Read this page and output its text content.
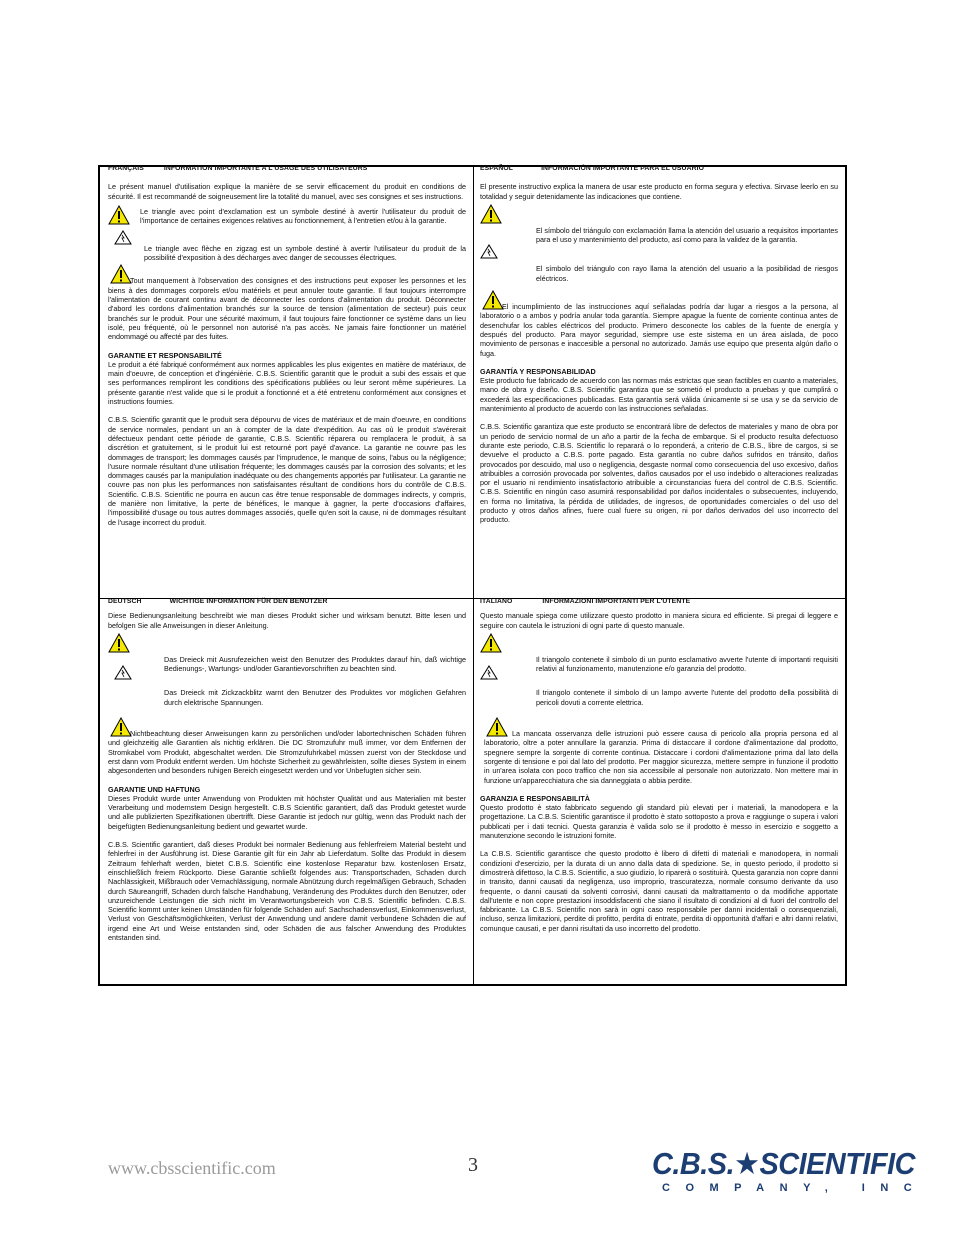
FRANÇAIS	INFORMATION IMPORTANTE A L'USAGE DES UTILISATEURS

Le présent manuel d'utilisation explique la manière de se servir efficacement du produit en conditions de sécurité. Il est recommandé de soigneusement lire la totalité du manuel, avec ses consignes et ses instructions.

Le triangle avec point d'exclamation est un symbole destiné à avertir l'utilisateur du produit de l'importance de certaines exigences relatives au fonctionnement, à l'entretien et/ou à la garantie.

Le triangle avec flèche en zigzag est un symbole destiné à avertir l'utilisateur du produit de la possibilité d'exposition à des décharges avec danger de secousses électriques.

Tout manquement à l'observation des consignes et des instructions peut exposer les personnes et les biens à des dommages corporels et/ou matériels et peut annuler toute garantie. Il faut toujours interrompre l'alimentation de courant continu avant de déconnecter les cordons d'alimentation du produit. Déconnecter d'abord les cordons d'alimentation branchés sur la source de tension (alimentation de secteur) puis ceux branchés sur le produit. Pour une sécurité maximum, il faut toujours faire fonctionner ce système dans un lieu isolé, peu fréquenté, où le personnel non autorisé n'a pas accès. Ne jamais faire fonctionner un matériel endommagé ou affecté par des fuites.

GARANTIE ET RESPONSABILITÉ

Le produit a été fabriqué conformément aux normes applicables les plus exigentes en matière de matériaux, de main d'oeuvre, de conception et d'ingénièrie. C.B.S. Scientific garantit que le produit a subi des essais et que ses performances rempliront les conditions des spécifications publiées ou leur seront même supérieures. La présente garantie n'est valide que si le produit a fonctionné et a été entretenu conformément aux consignes et instructions fournies.

C.B.S. Scientific garantit que le produit sera dépourvu de vices de matériaux et de main d'oeuvre, en conditions de service normales, pendant un an à compter de la date d'expédition. Au cas où le produit s'avérerait défectueux pendant cette période de garantie, C.B.S. Scientific réparera ou remplacera le produit, à sa discrétion et gratuitement, si le produit lui est retourné port payé d'avance. La garantie ne couvre pas les dommages de transport; les dommages causés par l'imprudence, le manque de soins, l'abus ou la négligence; l'usure normale résultant d'une utilisation fréquente; les dommages causés par la corrosion des solvants; et les dommages causés par la manipulation inadéquate ou des changements apportés par l'utilisateur. La garantie ne couvre pas non plus les performances non satisfaisantes résultant de conditions hors du contrôle de C.B.S. Scientific. C.B.S. Scientific ne pourra en aucun cas être tenue responsable de dommages indirects, y compris, de manière non limitative, la perte de bénéfices, le manque à gagner, la perte d'occasions d'affaires, l'impossibilité d'usage ou tous autres dommages associés, quelle qu'en soit la cause, ni de dommages résultant de l'usage incorrect du produit.

ESPAÑOL	INFORMACIÓN IMPORTANTE PARA EL USUARIO

El presente instructivo explica la manera de usar este producto en forma segura y efectiva. Sirvase leerlo en su totalidad y seguir detenidamente las indicaciones que contiene.

El símbolo del triángulo con exclamación llama la atención del usuario a requisitos importantes para el uso y mantenimiento del producto, así como para la validez de la garantía.

El símbolo del triángulo con rayo llama la atención del usuario a la posibilidad de riesgos eléctricos.

El incumplimiento de las instrucciones aquí señaladas podría dar lugar a riesgos a la persona, al laboratorio o a ambos y podría anular toda garantía. Siempre apague la fuente de corriente continua antes de desenchufar los cables eléctricos del producto. Primero desconecte los cables de la fuente de energía y después del producto. Para mayor seguridad, siempre use este sistema en un área aislada, de poco movimiento de personas e inaccesible a personal no autorizado. Jamás use equipo que presenta algún daño o fuga.

GARANTÍA Y RESPONSABILIDAD

Este producto fue fabricado de acuerdo con las normas más estrictas que sean factibles en cuanto a materiales, mano de obra y diseño. C.B.S. Scientific garantiza que se sometió el producto a pruebas y que cumplirá o excederá las especificaciones publicadas. Esta garantía será válida únicamente si se usa y se da servicio de mantenimiento al producto de acuerdo con las instrucciones señaladas.

C.B.S. Scientific garantiza que este producto se encontrará libre de defectos de materiales y mano de obra por un periodo de servicio normal de un año a partir de la fecha de embarque. Si el producto resulta defectuoso durante este periodo, C.B.S. Scientific lo reparará o lo reponderá, a criterio de C.B.S., libre de cargos, si se devuelve el producto a C.B.S. porte pagado. Esta garantía no cubre daños sufridos en tránsito, daños provocados por descuido, mal uso o negligencia, desgaste normal como consecuencia del uso excesivo, daños atribuibles a corrosión provocada por solventes, daños causados por el uso indebido o alteraciones realizadas por el usuario ni rendimiento insatisfactorio atribuible a circunstancias fuera del control de C.B.S. Scientific. C.B.S. Scientific en ningún caso asumirá responsabilidad por daños incidentales o subsecuentes, incluyendo, en forma no limitativa, la pérdida de utilidades, de ingresos, de oportunidades comerciales o del uso del producto y otros daños afines, fuere cual fuere su origen, ni por daños derivados del uso incorrecto del producto.

DEUTSCH	WICHTIGE INFORMATION FÜR DEN BENUTZER

Diese Bedienungsanleitung beschreibt wie man dieses Produkt sicher und wirksam benutzt. Bitte lesen und befolgen Sie alle Anweisungen in dieser Anleitung.

Das Dreieck mit Ausrufezeichen weist den Benutzer des Produktes darauf hin, daß wichtige Bedienungs-, Wartungs- und/oder Garantievorschriften zu beachten sind.

Das Dreieck mit Zickzackblitz warnt den Benutzer des Produktes vor möglichen Gefahren durch elektrische Spannungen.

Nichtbeachtung dieser Anweisungen kann zu persönlichen und/oder labortechnischen Schäden führen und gleichzeitig alle Garantien als nichtig erklären. Die DC Stromzufuhr muß immer, vor dem Entfernen der Stromkabel vom Produkt, abgeschaltet werden. Die Stromzufuhrkabel müssen zuerst von der Steckdose und erst dann vom Produkt entfernt werden. Um höchste Sicherheit zu gewährleisten, sollte dieses System in einem abgesonderten und besonders ruhigen Bereich eingesetzt werden und vor Unbefugten sicher sein.

GARANTIE UND HAFTUNG

Dieses Produkt wurde unter Anwendung von Produkten mit höchster Qualität und aus Materialien mit bester Verarbeitung und modernstem Design hergestellt. C.B.S Scientific garantiert, daß das Produkt getestet wurde und alle publizierten Spezifikationen übertrifft. Diese Garantie ist jedoch nur gültig, wenn das Produkt nach der beigefügten Bedienungsanleitung bedient und gewartet wurde.

C.B.S. Scientific garantiert, daß dieses Produkt bei normaler Bedienung aus fehlerfreiem Material besteht und fehlerfrei in der Ausführung ist. Diese Garantie gilt für ein Jahr ab Lieferdatum. Sollte das Produkt in diesem Zeitraum fehlerhaft werden, bietet C.B.S. Scientific eine kostenlose Reparatur bzw. kostenlosen Ersatz, einschließlich freiem Rückporto. Diese Garantie schließt folgendes aus: Transportschaden, Schaden durch Nachlässigkeit, Mißbrauch oder Vernachlässigung, normale Abnützung durch regelmäßigen Gebrauch, Schaden durch Säureangriff, Schaden durch falsche Handhabung, Veränderung des Produktes durch den Benutzer, oder unzureichende Leistungen die sich nicht im Verantwortungsbereich von C.B.S. Scientific befinden. C.B.S. Scientific kommt unter keinen Umständen für folgende Schäden auf: Sachschadensverlust, Einkommensverlust, Verlust von Geschäftsmöglichkeiten, Verlust der Anwendung und andere damit verbundene Schäden die auf irgend eine Art und Weise entstanden sind, oder Schäden die aus falscher Anwendung des Produktes entstanden sind.

ITALIANO	INFORMAZIONI IMPORTANTI PER L'UTENTE

Questo manuale spiega come utilizzare questo prodotto in maniera sicura ed efficiente. Si pregai di leggere e seguire con cautela le istruzioni di ogni parte di questo manuale.

Il triangolo contenete il simbolo di un punto esclamativo avverte l'utente di importanti requisiti relativi al funzionamento, manutenzione e/o garanzia del prodotto.

Il triangolo contenete il simbolo di un lampo avverte l'utente del prodotto della possibilità di pericoli dovuti a corrente elettrica.

La mancata osservanza delle istruzioni può essere causa di pericolo alla propria persona ed al laboratorio, oltre a poter annullare la garanzia. Prima di distaccare il cordone d'alimentazione dal prodotto, spegnere sempre la sorgente di corrente continua. Distaccare i cordoni d'alimentazione prima dal lato della sorgente di tensione e poi dal lato del prodotto. Per maggior sicurezza, mettere sempre in funzione il prodotto in un'area isolata con poco traffico che non sia accessibile al personale non autorizzato. Non mettere mai in funzione un'apparecchiatura che sia danneggiata o abbia perdite.

GARANZIA E RESPONSABILITÀ

Questo prodotto è stato fabbricato seguendo gli standard più elevati per i materiali, la manodopera e la progettazione. La C.B.S. Scientific garantisce il prodotto è stato sottoposto a prova e raggiunge o supera i valori pubblicati per i dati tecnici. Questa garanzia è valida solo se il prodotto è messo in esercizio e soggetto a manutenzione secondo le istruzioni fornite.

La C.B.S. Scientific garantisce che questo prodotto è libero di difetti di materiali e manodopera, in normali condizioni d'esercizio, per la durata di un anno dalla data di spedizione. Se, in questo periodo, il prodotto si dimostrerà difettoso, la C.B.S. Scientific, a suo giudizio, lo riparerà o sostituirà. Questa garanzia non copre danni in transito, danni causati da negligenza, uso improprio, trascuratezza, normale consumo derivante da uso frequente, o danni causati da solventi corrosivi, danni causati da maltrattamento o da modifiche apportate dall'utente e non copre prestazioni insoddisfacenti che siano il risultato di condizioni al di fuori del controllo del fabbricante. La C.B.S. Scientific non sarà in ogni caso responsabile per danni incidentali o consequenziali, incluso, senza limitazioni, perdite di profitto, perdita di entrate, perdita di opportunità d'affari e altri danni relativi, comunque causati, e per danni risultati da uso incorretto del prodotto.

www.cbsscientific.com	3	C.B.S.★SCIENTIFIC
COMPANY, INC
